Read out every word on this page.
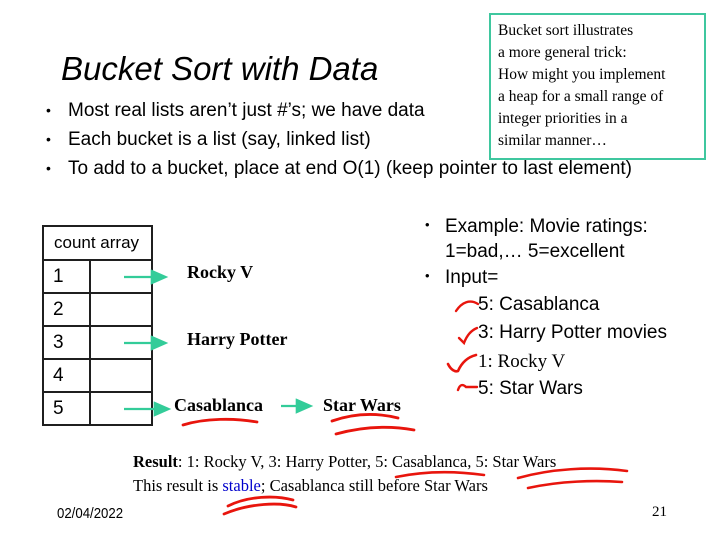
Bucket Sort with Data
• Most real lists aren’t just #’s; we have data
• Each bucket is a list (say, linked list)
• To add to a bucket, place at end O(1) (keep pointer to last element)
Bucket sort illustrates
a more general trick:
How might you implement
a heap for a small range of
integer priorities in a
similar manner…
count array
1
2
3
4
5
Rocky V
Harry Potter
Casablanca	Star Wars
• Example: Movie ratings:
1=bad,… 5=excellent
• Input=
5: Casablanca
3: Harry Potter movies
1: Rocky V
5: Star Wars
Result: 1: Rocky V, 3: Harry Potter, 5: Casablanca, 5: Star Wars
This result is stable; Casablanca still before Star Wars
02/04/2022	21
